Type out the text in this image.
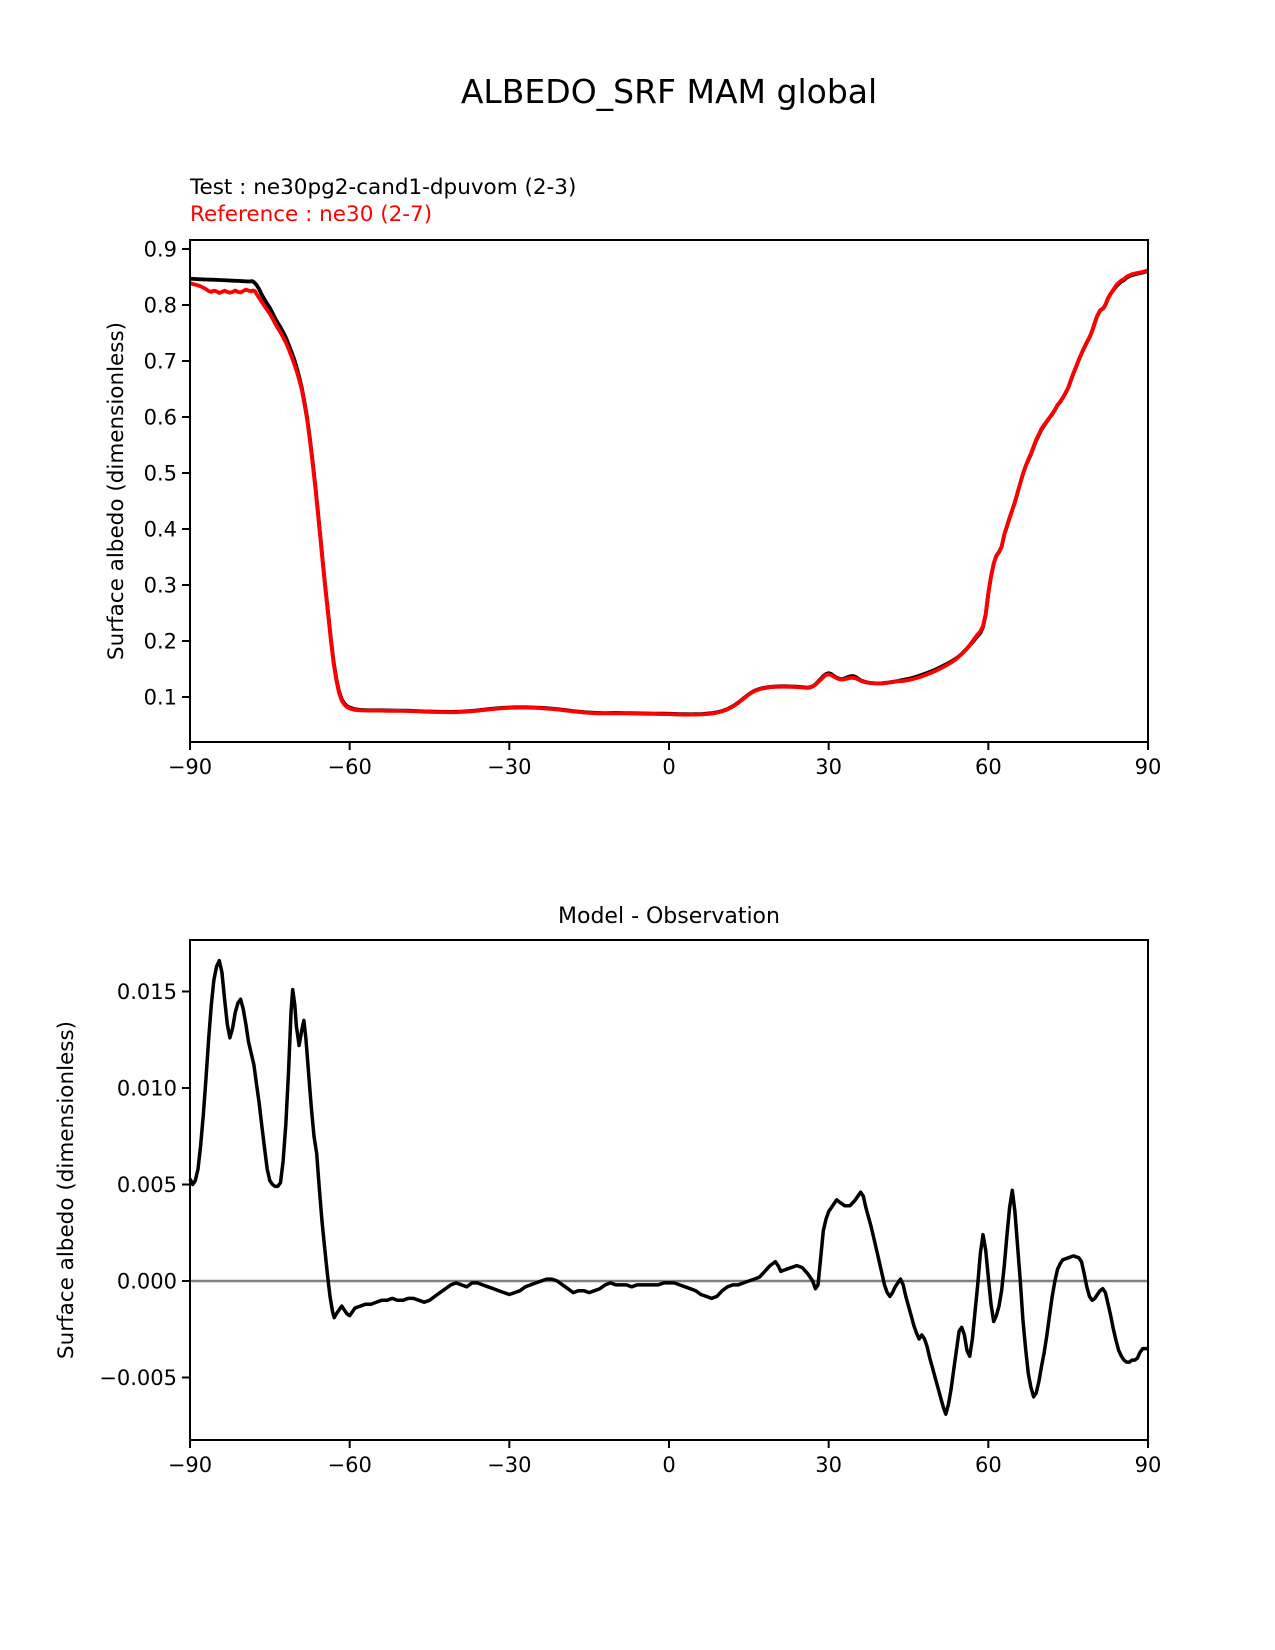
−90	−60	−30	0	30	60	90
0.1
0.2
0.3
0.4
0.5
0.6
0.7
0.8
0.9
−90	−60	−30	0	30	60	90
−0.005
0.000
0.005
0.010
0.015
ALBEDO_SRF MAM global
Test : ne30pg2-cand1-dpuvom (2-3)
Reference : ne30 (2-7)
Surface albedo (dimensionless)
Model - Observation
Surface albedo (dimensionless)
